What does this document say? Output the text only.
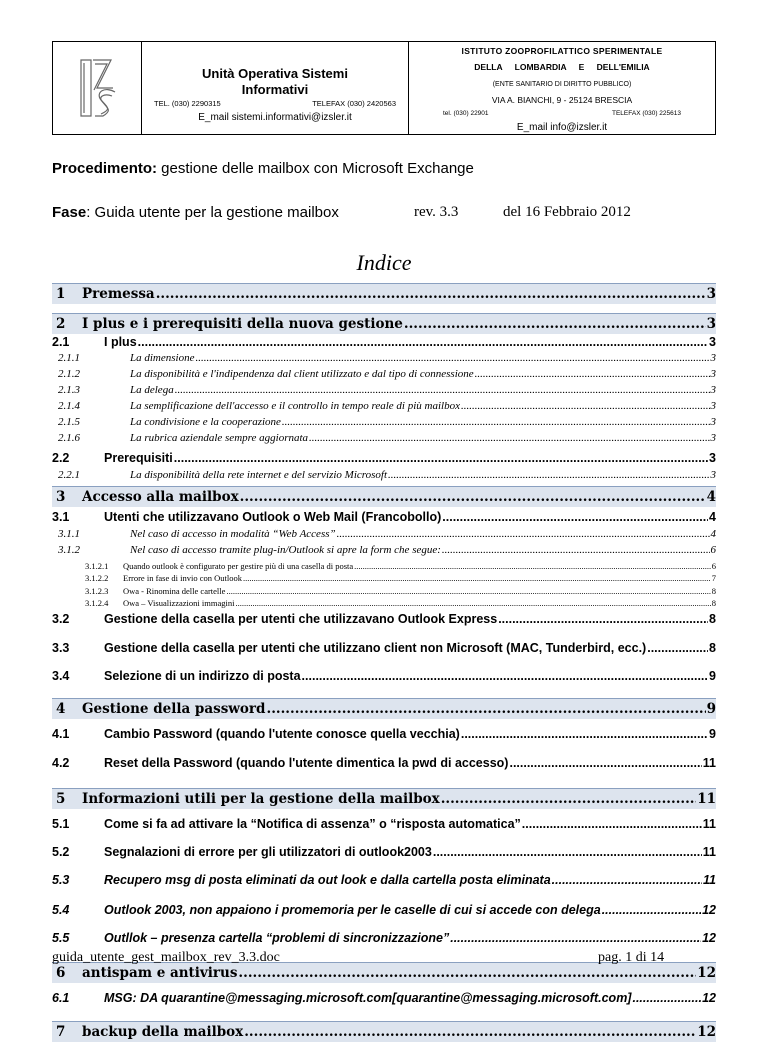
Unità Operativa Sistemi
Informativi
TEL. (030) 2290315	TELEFAX (030) 2420563
E_mail sistemi.informativi@izsler.it
ISTITUTO ZOOPROFILATTICO SPERIMENTALE
DELLA LOMBARDIA E DELL'EMILIA
(ENTE SANITARIO DI DIRITTO PUBBLICO)
VIA A. BIANCHI, 9 - 25124 BRESCIA
tel. (030) 22901	TELEFAX (030) 225613
E_mail info@izsler.it
Procedimento: gestione delle mailbox con Microsoft Exchange
Fase: Guida utente per la gestione mailbox	rev. 3.3	del 16 Febbraio 2012
Indice
1	Premessa .....	3
2	I plus e i prerequisiti della nuova gestione .....	3
2.1	I plus .....	3
2.1.1	La dimensione .....	3
2.1.2	La disponibilità e l'indipendenza dal client utilizzato e dal tipo di connessione .....	3
2.1.3	La delega .....	3
2.1.4	La semplificazione dell'accesso e il controllo in tempo reale di più mailbox .....	3
2.1.5	La condivisione e la cooperazione .....	3
2.1.6	La rubrica aziendale sempre aggiornata .....	3
2.2	Prerequisiti .....	3
2.2.1	La disponibilità della rete internet e del servizio Microsoft .....	3
3	Accesso alla mailbox .....	4
3.1	Utenti che utilizzavano Outlook o Web Mail (Francobollo) .....	4
3.1.1	Nel caso di accesso in modalità “Web Access” .....	4
3.1.2	Nel caso di accesso tramite plug-in/Outlook si apre la form che segue: .....	6
3.1.2.1	Quando outlook è configurato per gestire più di una casella di posta .....	6
3.1.2.2	Errore in fase di invio con Outlook .....	7
3.1.2.3	Owa - Rinomina delle cartelle .....	8
3.1.2.4	Owa – Visualizzazioni immagini .....	8
3.2	Gestione della casella per utenti che utilizzavano Outlook Express .....	8
3.3	Gestione della casella per utenti che utilizzano client non Microsoft (MAC, Tunderbird, ecc.) .....	8
3.4	Selezione di un indirizzo di posta .....	9
4	Gestione della password .....	9
4.1	Cambio Password (quando l'utente conosce quella vecchia) .....	9
4.2	Reset della Password (quando l'utente dimentica la pwd di accesso) .....	11
5	Informazioni utili per la gestione della mailbox .....	11
5.1	Come si fa ad attivare la “Notifica di assenza” o “risposta automatica” .....	11
5.2	Segnalazioni di errore per gli utilizzatori di outlook2003 .....	11
5.3	Recupero msg di posta eliminati da out look e dalla cartella posta eliminata .....	11
5.4	Outlook 2003, non appaiono i promemoria per le caselle di cui si accede con delega .....	12
5.5	Outllok – presenza cartella “problemi di sincronizzazione” .....	12
6	antispam e antivirus .....	12
6.1	MSG: DA quarantine@messaging.microsoft.com[quarantine@messaging.microsoft.com] .....	12
7	backup della mailbox .....	12
guida_utente_gest_mailbox_rev_3.3.doc	pag. 1 di 14
